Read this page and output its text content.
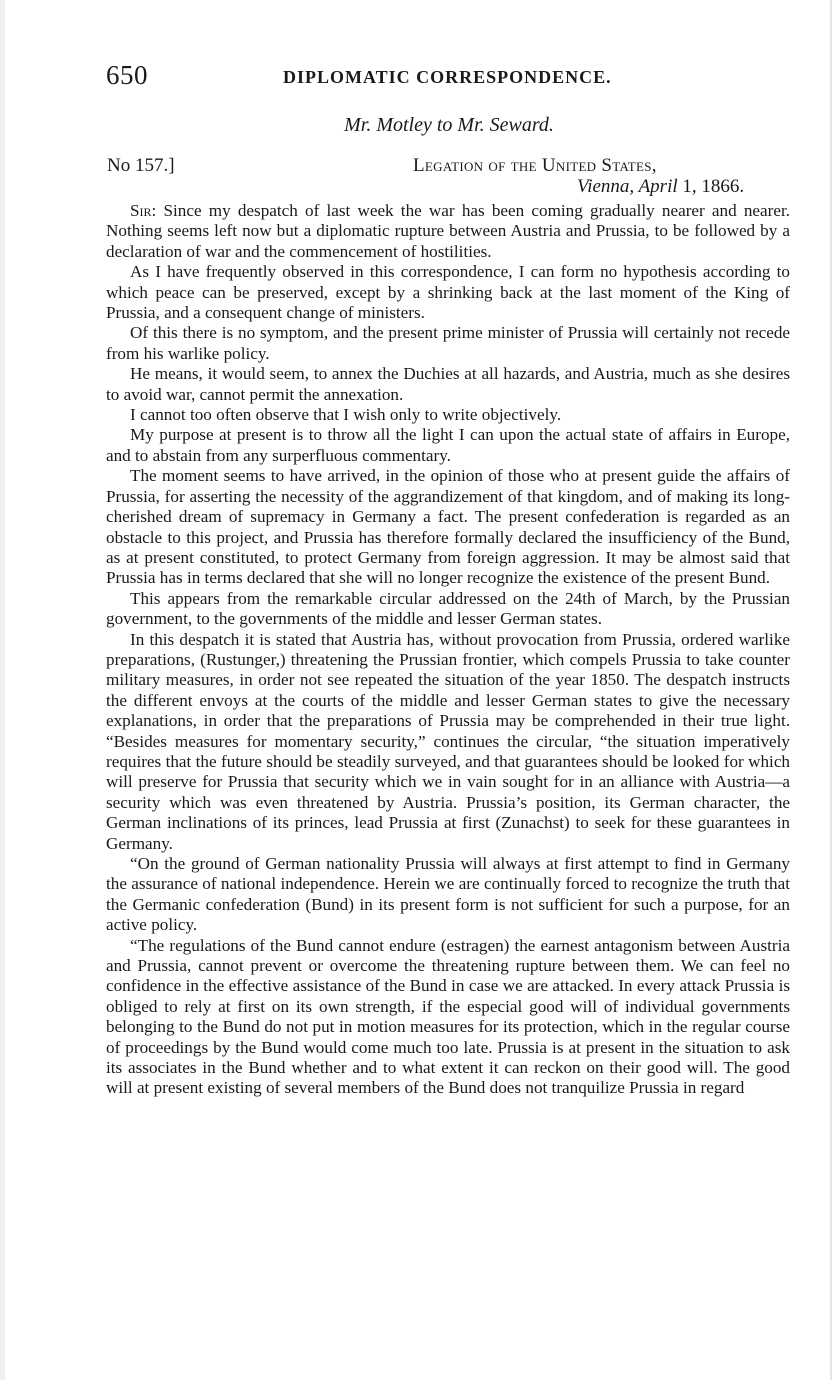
650	DIPLOMATIC CORRESPONDENCE.
Mr. Motley to Mr. Seward.
No 157.]	Legation of the United States,
Vienna, April 1, 1866.

Sir: Since my despatch of last week the war has been coming gradually nearer and nearer. Nothing seems left now but a diplomatic rupture between Austria and Prussia, to be followed by a declaration of war and the commencement of hostilities.

As I have frequently observed in this correspondence, I can form no hypothesis according to which peace can be preserved, except by a shrinking back at the last moment of the King of Prussia, and a consequent change of ministers.

Of this there is no symptom, and the present prime minister of Prussia will certainly not recede from his warlike policy.

He means, it would seem, to annex the Duchies at all hazards, and Austria, much as she desires to avoid war, cannot permit the annexation.

I cannot too often observe that I wish only to write objectively.

My purpose at present is to throw all the light I can upon the actual state of affairs in Europe, and to abstain from any surperfluous commentary.

The moment seems to have arrived, in the opinion of those who at present guide the affairs of Prussia, for asserting the necessity of the aggrandizement of that kingdom, and of making its long-cherished dream of supremacy in Germany a fact. The present confederation is regarded as an obstacle to this project, and Prussia has therefore formally declared the insufficiency of the Bund, as at present constituted, to protect Germany from foreign aggression. It may be almost said that Prussia has in terms declared that she will no longer recognize the existence of the present Bund.

This appears from the remarkable circular addressed on the 24th of March, by the Prussian government, to the governments of the middle and lesser German states.

In this despatch it is stated that Austria has, without provocation from Prussia, ordered warlike preparations, (Rustunger,) threatening the Prussian frontier, which compels Prussia to take counter military measures, in order not see repeated the situation of the year 1850. The despatch instructs the different envoys at the courts of the middle and lesser German states to give the necessary explanations, in order that the preparations of Prussia may be comprehended in their true light. “Besides measures for momentary security,” continues the circular, “the situation imperatively requires that the future should be steadily surveyed, and that guarantees should be looked for which will preserve for Prussia that security which we in vain sought for in an alliance with Austria—a security which was even threatened by Austria. Prussia’s position, its German character, the German inclinations of its princes, lead Prussia at first (Zunachst) to seek for these guarantees in Germany.

“On the ground of German nationality Prussia will always at first attempt to find in Germany the assurance of national independence. Herein we are continually forced to recognize the truth that the Germanic confederation (Bund) in its present form is not sufficient for such a purpose, for an active policy.

“The regulations of the Bund cannot endure (estragen) the earnest antagonism between Austria and Prussia, cannot prevent or overcome the threatening rupture between them. We can feel no confidence in the effective assistance of the Bund in case we are attacked. In every attack Prussia is obliged to rely at first on its own strength, if the especial good will of individual governments belonging to the Bund do not put in motion measures for its protection, which in the regular course of proceedings by the Bund would come much too late. Prussia is at present in the situation to ask its associates in the Bund whether and to what extent it can reckon on their good will. The good will at present existing of several members of the Bund does not tranquilize Prussia in regard
